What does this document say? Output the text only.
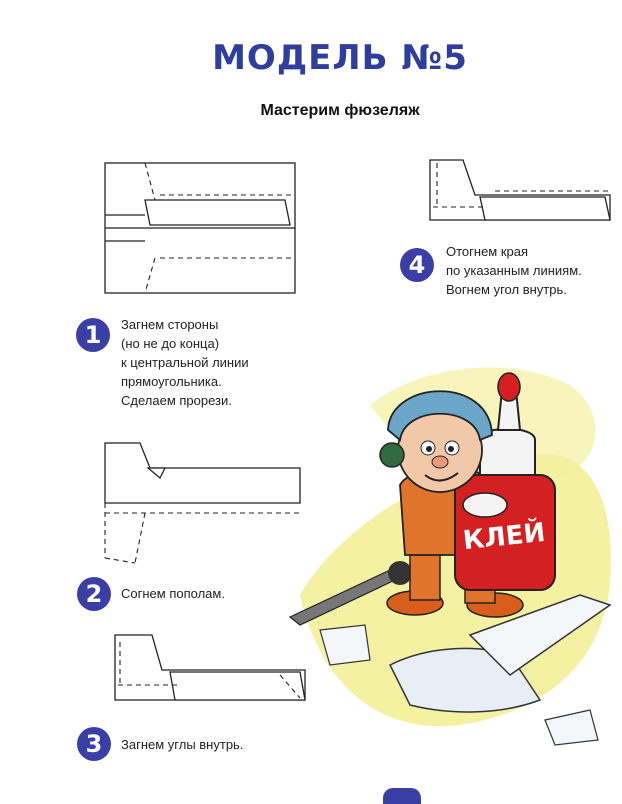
МОДЕЛЬ №5
Мастерим фюзеляж
1 Загнем стороны
(но не до конца)
к центральной линии
прямоугольника.
Сделаем прорези.
2 Согнем пополам.
3 Загнем углы внутрь.
4 Отогнем края
по указанным линиям.
Вогнем угол внутрь.
КЛЕЙ
